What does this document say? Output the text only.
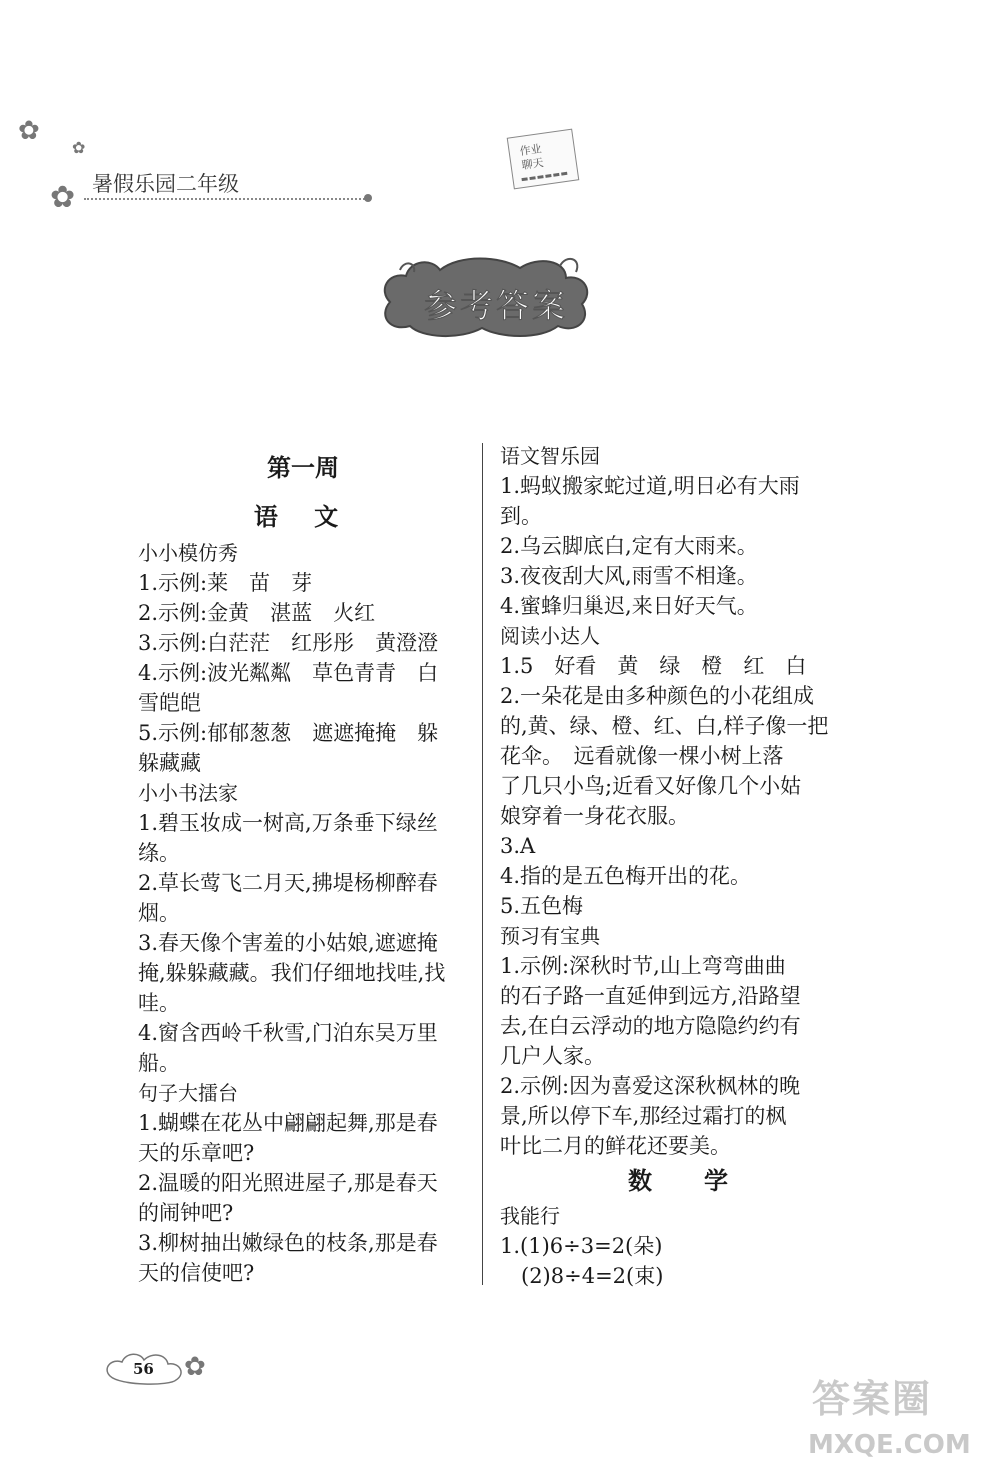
✿
✿
✿ 暑假乐园二年级
作业
聊天
参考答案
第一周
语 文
小小模仿秀
1.示例:莱　苗　芽
2.示例:金黄　湛蓝　火红
3.示例:白茫茫　红彤彤　黄澄澄
4.示例:波光粼粼　草色青青　白
雪皑皑
5.示例:郁郁葱葱　遮遮掩掩　躲
躲藏藏
小小书法家
1.碧玉妆成一树高,万条垂下绿丝
绦。
2.草长莺飞二月天,拂堤杨柳醉春
烟。
3.春天像个害羞的小姑娘,遮遮掩
掩,躲躲藏藏。我们仔细地找哇,找
哇。
4.窗含西岭千秋雪,门泊东吴万里
船。
句子大擂台
1.蝴蝶在花丛中翩翩起舞,那是春
天的乐章吧?
2.温暖的阳光照进屋子,那是春天
的闹钟吧?
3.柳树抽出嫩绿色的枝条,那是春
天的信使吧?
语文智乐园
1.蚂蚁搬家蛇过道,明日必有大雨
到。
2.乌云脚底白,定有大雨来。
3.夜夜刮大风,雨雪不相逢。
4.蜜蜂归巢迟,来日好天气。
阅读小达人
1.5　好看　黄　绿　橙　红　白
2.一朵花是由多种颜色的小花组成
的,黄、绿、橙、红、白,样子像一把
花伞。　远看就像一棵小树上落
了几只小鸟;近看又好像几个小姑
娘穿着一身花衣服。
3.A
4.指的是五色梅开出的花。
5.五色梅
预习有宝典
1.示例:深秋时节,山上弯弯曲曲
的石子路一直延伸到远方,沿路望
去,在白云浮动的地方隐隐约约有
几户人家。
2.示例:因为喜爱这深秋枫林的晚
景,所以停下车,那经过霜打的枫
叶比二月的鲜花还要美。
数　学
我能行
1.(1)6÷3=2(朵)
　(2)8÷4=2(束)
56 ✿
答案圈
MXQE.COM
